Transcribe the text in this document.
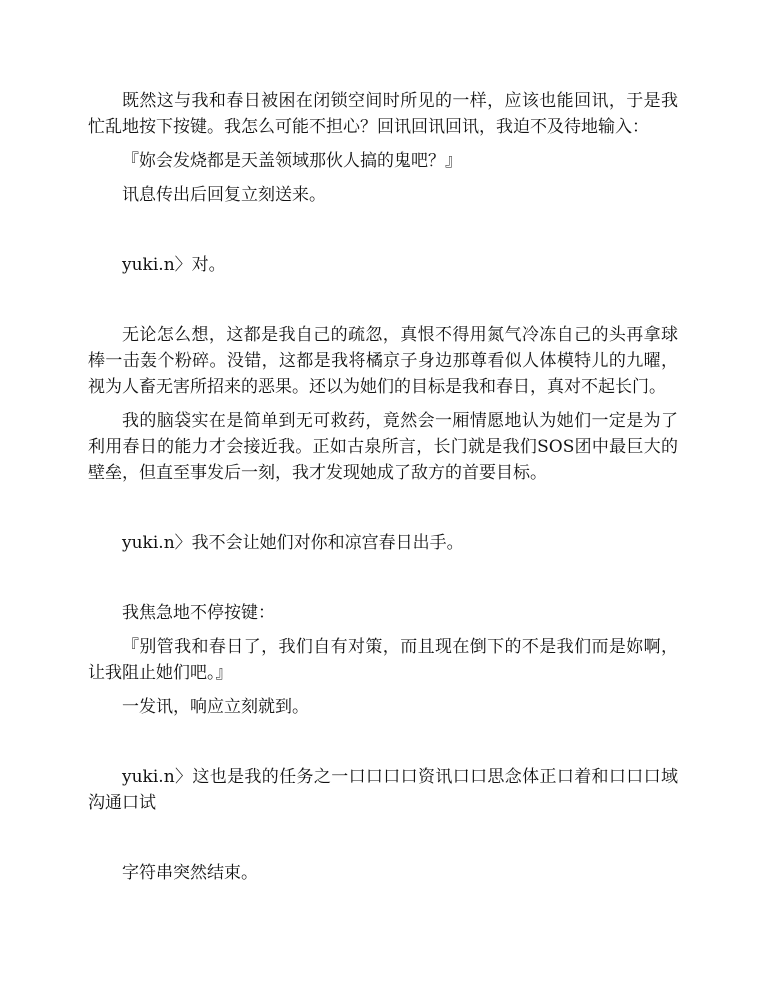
既然这与我和春日被困在闭锁空间时所见的一样，应该也能回讯，于是我忙乱地按下按键。我怎么可能不担心？回讯回讯回讯，我迫不及待地输入：

『妳会发烧都是天盖领域那伙人搞的鬼吧？』

讯息传出后回复立刻送来。

yuki.n〉对。

无论怎么想，这都是我自己的疏忽，真恨不得用氮气冷冻自己的头再拿球棒一击轰个粉碎。没错，这都是我将橘京子身边那尊看似人体模特儿的九曜，视为人畜无害所招来的恶果。还以为她们的目标是我和春日，真对不起长门。

我的脑袋实在是简单到无可救药，竟然会一厢情愿地认为她们一定是为了利用春日的能力才会接近我。正如古泉所言，长门就是我们SOS团中最巨大的壁垒，但直至事发后一刻，我才发现她成了敌方的首要目标。

yuki.n〉我不会让她们对你和凉宫春日出手。

我焦急地不停按键：

『别管我和春日了，我们自有对策，而且现在倒下的不是我们而是妳啊，让我阻止她们吧。』

一发讯，响应立刻就到。

yuki.n〉这也是我的任务之一口口口口资讯口口思念体正口着和口口口域沟通口试

字符串突然结束。
